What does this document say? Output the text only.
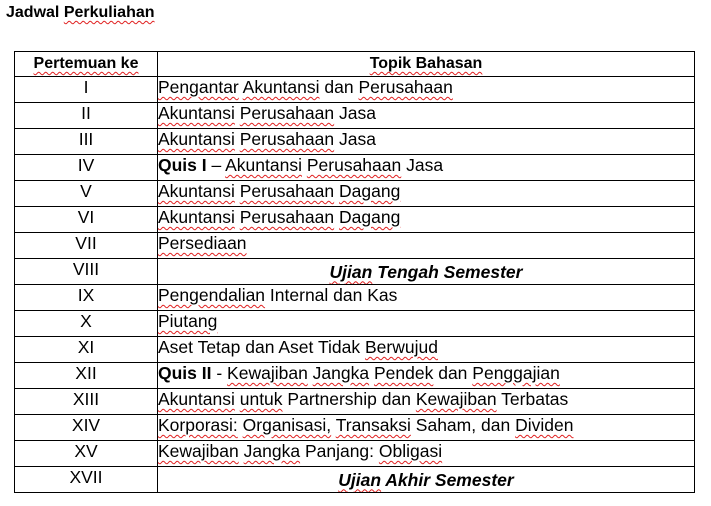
Jadwal Perkuliahan
Pertemuan ke	Topik Bahasan
I	Pengantar Akuntansi dan Perusahaan
II	Akuntansi Perusahaan Jasa
III	Akuntansi Perusahaan Jasa
IV	Quis I – Akuntansi Perusahaan Jasa
V	Akuntansi Perusahaan Dagang
VI	Akuntansi Perusahaan Dagang
VII	Persediaan
VIII	Ujian Tengah Semester
IX	Pengendalian Internal dan Kas
X	Piutang
XI	Aset Tetap dan Aset Tidak Berwujud
XII	Quis II - Kewajiban Jangka Pendek dan Penggajian
XIII	Akuntansi untuk Partnership dan Kewajiban Terbatas
XIV	Korporasi: Organisasi, Transaksi Saham, dan Dividen
XV	Kewajiban Jangka Panjang: Obligasi
XVII	Ujian Akhir Semester
